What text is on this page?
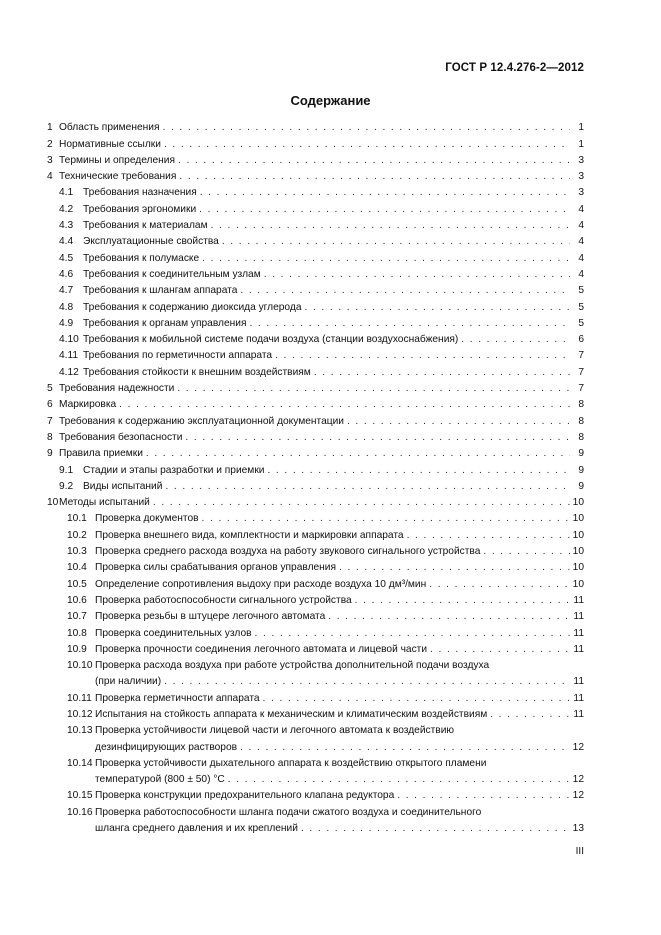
ГОСТ Р 12.4.276-2—2012
Содержание
1 Область применения . . .	1
2 Нормативные ссылки . . .	1
3 Термины и определения . . .	3
4 Технические требования . . .	3
4.1 Требования назначения . . .	3
4.2 Требования эргономики . . .	4
4.3 Требования к материалам . . .	4
4.4 Эксплуатационные свойства . . .	4
4.5 Требования к полумаске . . .	4
4.6 Требования к соединительным узлам . . .	4
4.7 Требования к шлангам аппарата . . .	5
4.8 Требования к содержанию диоксида углерода . . .	5
4.9 Требования к органам управления . . .	5
4.10 Требования к мобильной системе подачи воздуха (станции воздухоснабжения) . . .	6
4.11 Требования по герметичности аппарата . . .	7
4.12 Требования стойкости к внешним воздействиям . . .	7
5 Требования надежности . . .	7
6 Маркировка . . .	8
7 Требования к содержанию эксплуатационной документации . . .	8
8 Требования безопасности . . .	8
9 Правила приемки . . .	9
9.1 Стадии и этапы разработки и приемки . . .	9
9.2 Виды испытаний . . .	9
10 Методы испытаний . . .	10
10.1 Проверка документов . . .	10
10.2 Проверка внешнего вида, комплектности и маркировки аппарата . . .	10
10.3 Проверка среднего расхода воздуха на работу звукового сигнального устройства . . .	10
10.4 Проверка силы срабатывания органов управления . . .	10
10.5 Определение сопротивления выдоху при расходе воздуха 10 дм³/мин . . .	10
10.6 Проверка работоспособности сигнального устройства . . .	11
10.7 Проверка резьбы в штуцере легочного автомата . . .	11
10.8 Проверка соединительных узлов . . .	11
10.9 Проверка прочности соединения легочного автомата и лицевой части . . .	11
10.10 Проверка расхода воздуха при работе устройства дополнительной подачи воздуха
(при наличии) . . .	11
10.11 Проверка герметичности аппарата . . .	11
10.12 Испытания на стойкость аппарата к механическим и климатическим воздействиям . . .	11
10.13 Проверка устойчивости лицевой части и легочного автомата к воздействию
дезинфицирующих растворов . . .	12
10.14 Проверка устойчивости дыхательного аппарата к воздействию открытого пламени
температурой (800 ± 50) °С . . .	12
10.15 Проверка конструкции предохранительного клапана редуктора . . .	12
10.16 Проверка работоспособности шланга подачи сжатого воздуха и соединительного
шланга среднего давления и их креплений . . .	13
III
